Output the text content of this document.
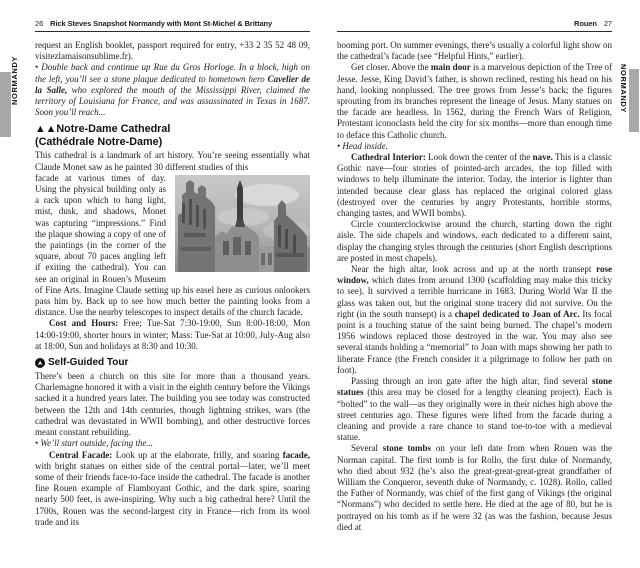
NORMANDY	NORMANDY
26 Rick Steves Snapshot Normandy with Mont St-Michel & Brittany	Rouen 27
request an English booklet, passport required for entry, +33 2 35 52 48 09, visitezlamaisonsublime.fr).
• Double back and continue up Rue du Gros Horloge. In a block, high on the left, you’ll see a stone plaque dedicated to hometown hero Cavelier de la Salle, who explored the mouth of the Mississippi River, claimed the territory of Louisiana for France, and was assassinated in Texas in 1687. Soon you’ll reach...
▲▲Notre-Dame Cathedral
(Cathédrale Notre-Dame)
This cathedral is a landmark of art history. You’re seeing essentially what Claude Monet saw as he painted 30 different studies of this
facade at various times of day. Using the physical building only as a rack upon which to hang light, mist, dusk, and shadows, Monet was capturing “impressions.” Find the plaque showing a copy of one of the paintings (in the corner of the square, about 70 paces angling left if exiting the cathedral). You can see an original in Rouen’s Museum of Fine Arts. Imagine Claude setting up his easel here as curious onlookers pass him by. Back up to see how much better the painting looks from a distance. Use the nearby telescopes to inspect details of the church facade.
Cost and Hours: Free; Tue-Sat 7:30-19:00, Sun 8:00-18:00, Mon 14:00-19:00, shorter hours in winter; Mass: Tue-Sat at 10:00, July-Aug also at 18:00, Sun and holidays at 8:30 and 10:30.
Self-Guided Tour
There’s been a church on this site for more than a thousand years. Charlemagne honored it with a visit in the eighth century before the Vikings sacked it a hundred years later. The building you see today was constructed between the 12th and 14th centuries, though lightning strikes, wars (the cathedral was devastated in WWII bombing), and other destructive forces meant constant rebuilding.
• We’ll start outside, facing the...
Central Facade: Look up at the elaborate, frilly, and soaring facade, with bright statues on either side of the central portal—later, we’ll meet some of their friends face-to-face inside the cathedral. The facade is another fine Rouen example of Flamboyant Gothic, and the dark spire, soaring nearly 500 feet, is awe-inspiring. Why such a big cathedral here? Until the 1700s, Rouen was the second-largest city in France—rich from its wool trade and its
booming port. On summer evenings, there’s usually a colorful light show on the cathedral’s facade (see “Helpful Hints,” earlier).
Get closer. Above the main door is a marvelous depiction of the Tree of Jesse. Jesse, King David’s father, is shown reclined, resting his head on his hand, looking nonplussed. The tree grows from Jesse’s back; the figures sprouting from its branches represent the lineage of Jesus. Many statues on the facade are headless. In 1562, during the French Wars of Religion, Protestant iconoclasts held the city for six months—more than enough time to deface this Catholic church.
• Head inside.
Cathedral Interior: Look down the center of the nave. This is a classic Gothic nave—four stories of pointed-arch arcades, the top filled with windows to help illuminate the interior. Today, the interior is lighter than intended because clear glass has replaced the original colored glass (destroyed over the centuries by angry Protestants, horrible storms, changing tastes, and WWII bombs).
Circle counterclockwise around the church, starting down the right aisle. The side chapels and windows, each dedicated to a different saint, display the changing styles through the centuries (short English descriptions are posted in most chapels).
Near the high altar, look across and up at the north transept rose window, which dates from around 1300 (scaffolding may make this tricky to see). It survived a terrible hurricane in 1683. During World War II the glass was taken out, but the original stone tracery did not survive. On the right (in the south transept) is a chapel dedicated to Joan of Arc. Its focal point is a touching statue of the saint being burned. The chapel’s modern 1956 windows replaced those destroyed in the war. You may also see several stands holding a “memorial” to Joan with maps showing her path to liberate France (the French consider it a pilgrimage to follow her path on foot).
Passing through an iron gate after the high altar, find several stone statues (this area may be closed for a lengthy cleaning project). Each is “bolted” to the wall—as they originally were in their niches high above the street centuries ago. These figures were lifted from the facade during a cleaning and provide a rare chance to stand toe-to-toe with a medieval statue.
Several stone tombs on your left date from when Rouen was the Norman capital. The first tomb is for Rollo, the first duke of Normandy, who died about 932 (he’s also the great-great-great-great grandfather of William the Conqueror, seventh duke of Normandy, c. 1028). Rollo, called the Father of Normandy, was chief of the first gang of Vikings (the original “Normans”) who decided to settle here. He died at the age of 80, but he is portrayed on his tomb as if he were 32 (as was the fashion, because Jesus died at
